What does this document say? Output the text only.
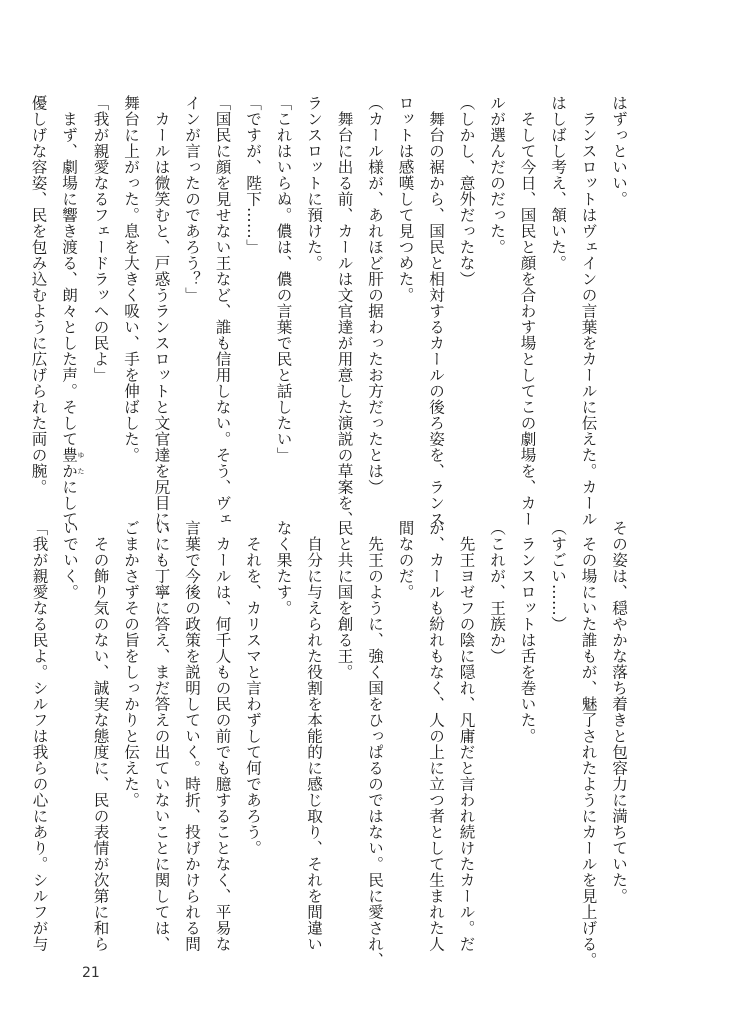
はずっといい。
　ランスロットはヴェインの言葉をカールに伝えた。カール
はしばし考え、頷いた。
　そして今日、国民と顔を合わす場としてこの劇場を、カー
ルが選んだのだった。
（しかし、意外だったな）
　舞台の裾から、国民と相対するカールの後ろ姿を、ランス
ロットは感嘆して見つめた。
（カール様が、あれほど肝の据わったお方だったとは）
　舞台に出る前、カールは文官達が用意した演説の草案を、
ランスロットに預けた。
「これはいらぬ。儂は、儂の言葉で民と話したい」
「ですが、陛下……」
「国民に顔を見せない王など、誰も信用しない。そう、ヴェ
インが言ったのであろう？」
　カールは微笑むと、戸惑うランスロットと文官達を尻目に、
舞台に上がった。息を大きく吸い、手を伸ばした。
「我が親愛なるフェードラッヘの民よ」
　まず、劇場に響き渡る、朗々とした声。そして豊か ゆたにして
優しげな容姿、民を包み込むように広げられた両の腕。
その姿は、穏やかな落ち着きと包容力に満ちていた。
　その場にいた誰もが、魅了されたようにカールを見上げる。
（すごい……）
　ランスロットは舌を巻いた。
（これが、王族か）
　先王ヨゼフの陰に隠れ、凡庸だと言われ続けたカール。だ
が、カールも紛れもなく、人の上に立つ者として生まれた人
間なのだ。
　先王のように、強く国をひっぱるのではない。民に愛され、
民と共に国を創る王。
　自分に与えられた役割を本能的に感じ取り、それを間違い
なく果たす。
　それを、カリスマと言わずして何であろう。
　カールは、何千人もの民の前でも臆することなく、平易な
言葉で今後の政策を説明していく。時折、投げかけられる問
いにも丁寧に答え、まだ答えの出ていないことに関しては、
ごまかさずその旨をしっかりと伝えた。
　その飾り気のない、誠実な態度に、民の表情が次第に和ら
いでいく。
「我が親愛なる民よ。シルフは我らの心にあり。シルフが与
21
